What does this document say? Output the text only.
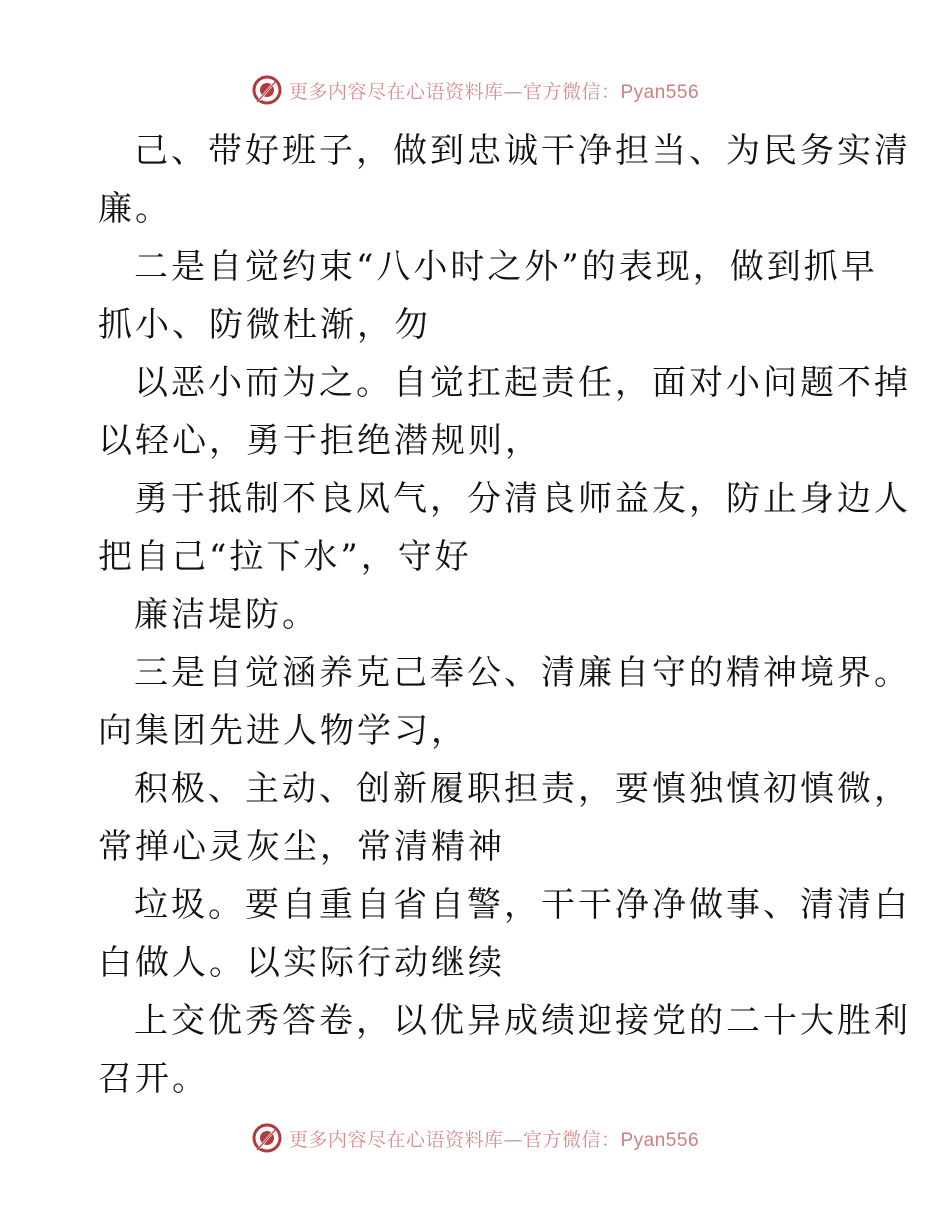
更多内容尽在心语资料库—官方微信：Pyan556

己、带好班子，做到忠诚干净担当、为民务实清
廉。

二是自觉约束“八小时之外”的表现，做到抓早
抓小、防微杜渐，勿

以恶小而为之。自觉扛起责任，面对小问题不掉
以轻心，勇于拒绝潜规则，

勇于抵制不良风气，分清良师益友，防止身边人
把自己“拉下水”，守好

廉洁堤防。

三是自觉涵养克己奉公、清廉自守的精神境界。
向集团先进人物学习，

积极、主动、创新履职担责，要慎独慎初慎微，
常掸心灵灰尘，常清精神

垃圾。要自重自省自警，干干净净做事、清清白
白做人。以实际行动继续

上交优秀答卷，以优异成绩迎接党的二十大胜利
召开。

更多内容尽在心语资料库—官方微信：Pyan556
